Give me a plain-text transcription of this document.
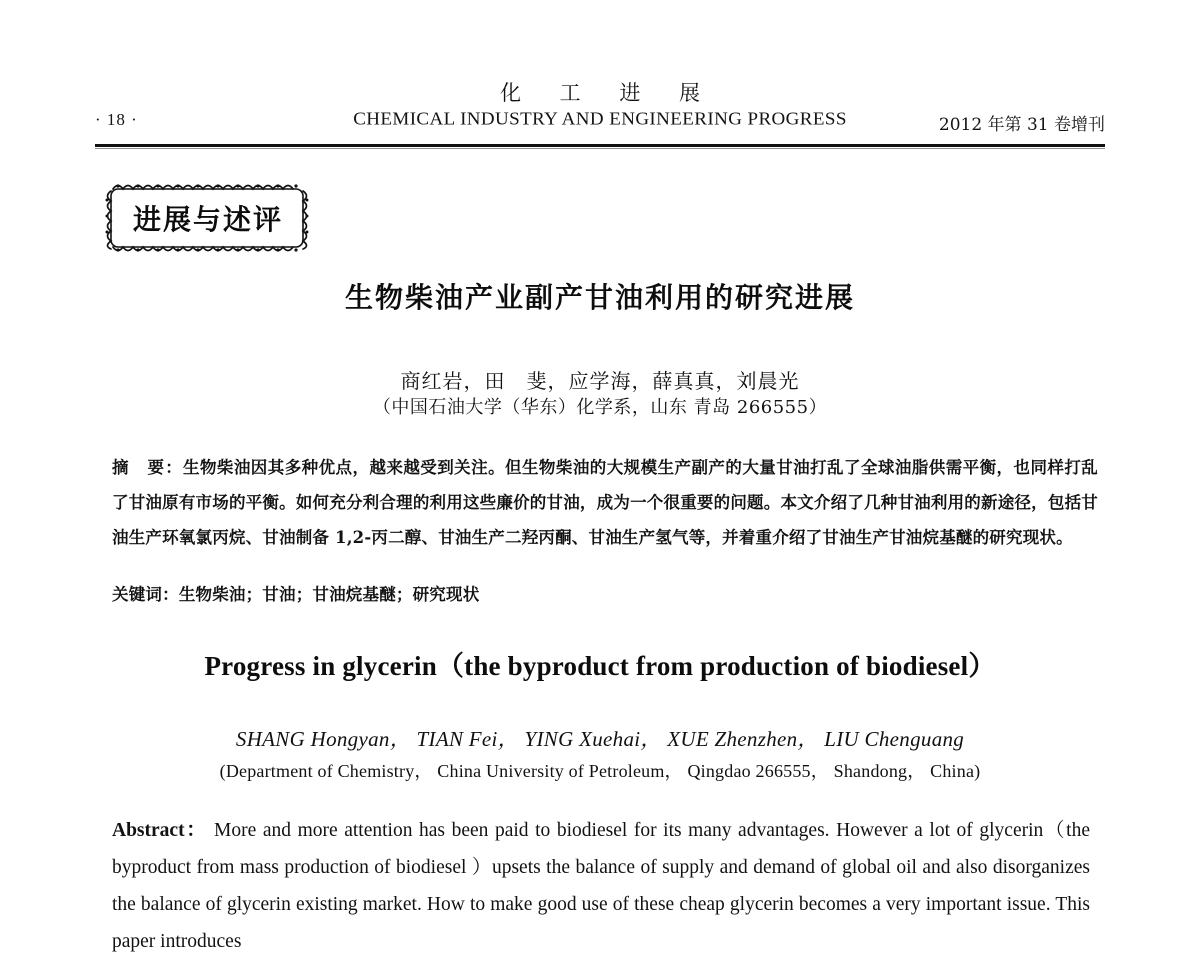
化 工 进 展
CHEMICAL INDUSTRY AND ENGINEERING PROGRESS
· 18 ·	2012 年第 31 卷增刊
进展与述评
生物柴油产业副产甘油利用的研究进展
商红岩，田　斐，应学海，薛真真，刘晨光
（中国石油大学（华东）化学系，山东 青岛 266555）
摘　要：生物柴油因其多种优点，越来越受到关注。但生物柴油的大规模生产副产的大量甘油打乱了全球油脂供需平衡，也同样打乱了甘油原有市场的平衡。如何充分利合理的利用这些廉价的甘油，成为一个很重要的问题。本文介绍了几种甘油利用的新途径，包括甘油生产环氧氯丙烷、甘油制备 1,2-丙二醇、甘油生产二羟丙酮、甘油生产氢气等，并着重介绍了甘油生产甘油烷基醚的研究现状。
关键词：生物柴油；甘油；甘油烷基醚；研究现状
Progress in glycerin（the byproduct from production of biodiesel）
SHANG Hongyan， TIAN Fei， YING Xuehai， XUE Zhenzhen， LIU Chenguang
(Department of Chemistry， China University of Petroleum， Qingdao 266555， Shandong， China)
Abstract： More and more attention has been paid to biodiesel for its many advantages. However a lot of glycerin（the byproduct from mass production of biodiesel ）upsets the balance of supply and demand of global oil and also disorganizes the balance of glycerin existing market. How to make good use of these cheap glycerin becomes a very important issue. This paper introduces
